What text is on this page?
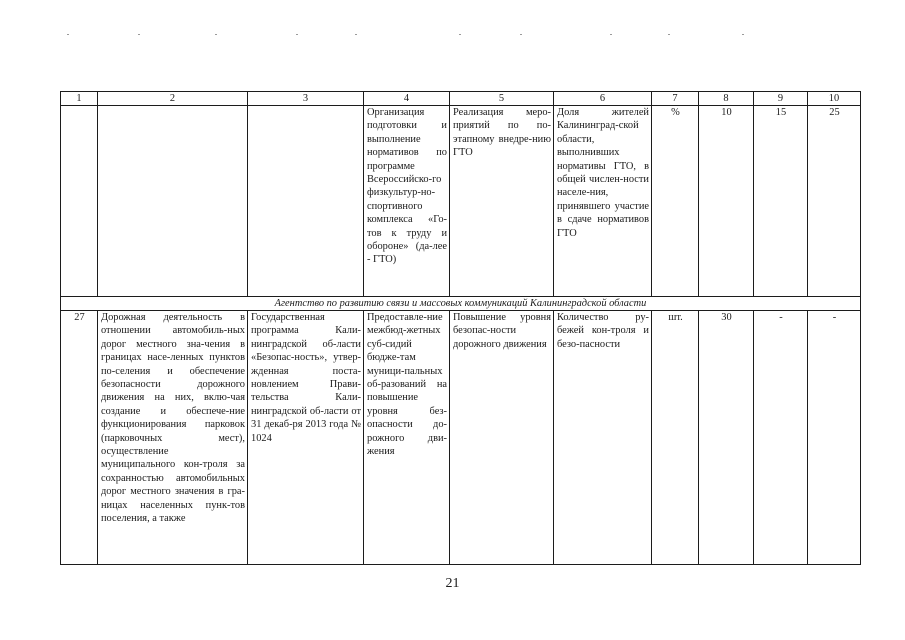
1	2	3	4	5	6	7	8	9	10
			Организация подготовки и выполнение нормативов по программе Всероссийско-го физкультур-но-спортивного комплекса «Го-тов к труду и обороне» (да-лее - ГТО)	Реализация меро-приятий по по-этапному внедре-нию ГТО	Доля жителей Калининград-ской области, выполнивших нормативы ГТО, в общей числен-ности населе-ния, принявшего участие в сдаче нормативов ГТО	%	10	15	25
Агентство по развитию связи и массовых коммуникаций Калининградской области									
27	Дорожная деятельность в отношении автомобиль-ных дорог местного зна-чения в границах насе-ленных пунктов по-селения и обеспечение безопасности дорожного движения на них, вклю-чая создание и обеспече-ние функционирования парковок (парковочных мест), осуществление муниципального кон-троля за сохранностью автомобильных дорог местного значения в гра-ницах населенных пунк-тов поселения, а также	Государственная программа Кали-нинградской об-ласти «Безопас-ность», утвер-жденная поста-новлением Прави-тельства Кали-нинградской об-ласти от 31 декаб-ря 2013 года № 1024	Предоставле-ние межбюд-жетных суб-сидий бюдже-там муници-пальных об-разований на повышение уровня без-опасности до-рожного дви-жения	Повышение уровня безопас-ности дорожного движения	Количество ру-бежей кон-троля и безо-пасности	шт.	30	-	-
21
